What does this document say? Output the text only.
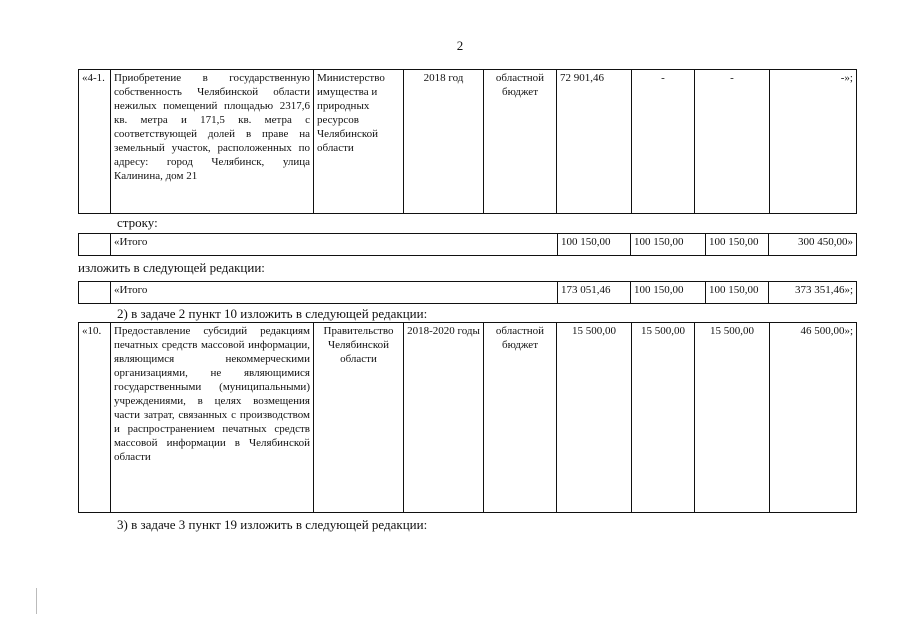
2
«4-1.	Приобретение в государственную собственность Челябинской области нежилых помещений площадью 2317,6 кв. метра и 171,5 кв. метра с соответствующей долей в праве на земельный участок, расположенных по адресу: город Челябинск, улица Калинина, дом 21	Министерство имущества и природных ресурсов Челябинской области	2018 год	областной бюджет	72 901,46	-	-	-»;
строку:
	«Итого	100 150,00	100 150,00	100 150,00	300 450,00»
изложить в следующей редакции:
	«Итого	173 051,46	100 150,00	100 150,00	373 351,46»;
2) в задаче 2 пункт 10 изложить в следующей редакции:
«10.	Предоставление субсидий редакциям печатных средств массовой информации, являющимся некоммерческими организациями, не являющимися государственными (муниципальными) учреждениями, в целях возмещения части затрат, связанных с производством и распространением печатных средств массовой информации в Челябинской области	Правительство Челябинской области	2018-2020 годы	областной бюджет	15 500,00	15 500,00	15 500,00	46 500,00»;
3) в задаче 3 пункт 19 изложить в следующей редакции:
